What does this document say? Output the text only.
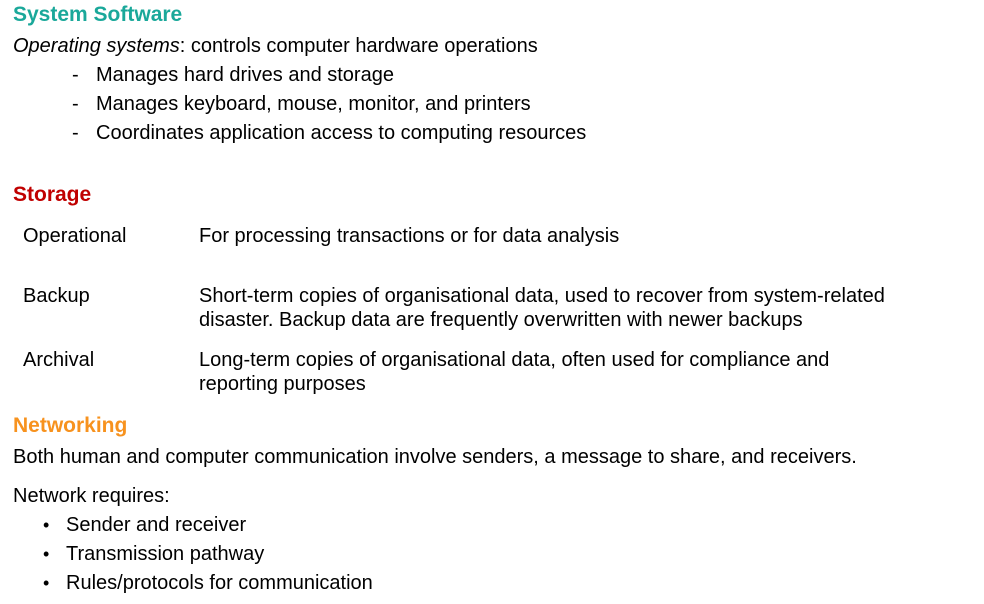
System Software
Operating systems: controls computer hardware operations
- Manages hard drives and storage
- Manages keyboard, mouse, monitor, and printers
- Coordinates application access to computing resources
Storage
Operational	For processing transactions or for data analysis
Backup	Short-term copies of organisational data, used to recover from system-related
disaster. Backup data are frequently overwritten with newer backups
Archival	Long-term copies of organisational data, often used for compliance and
reporting purposes
Networking
Both human and computer communication involve senders, a message to share, and receivers.
Network requires:
• Sender and receiver
• Transmission pathway
• Rules/protocols for communication
